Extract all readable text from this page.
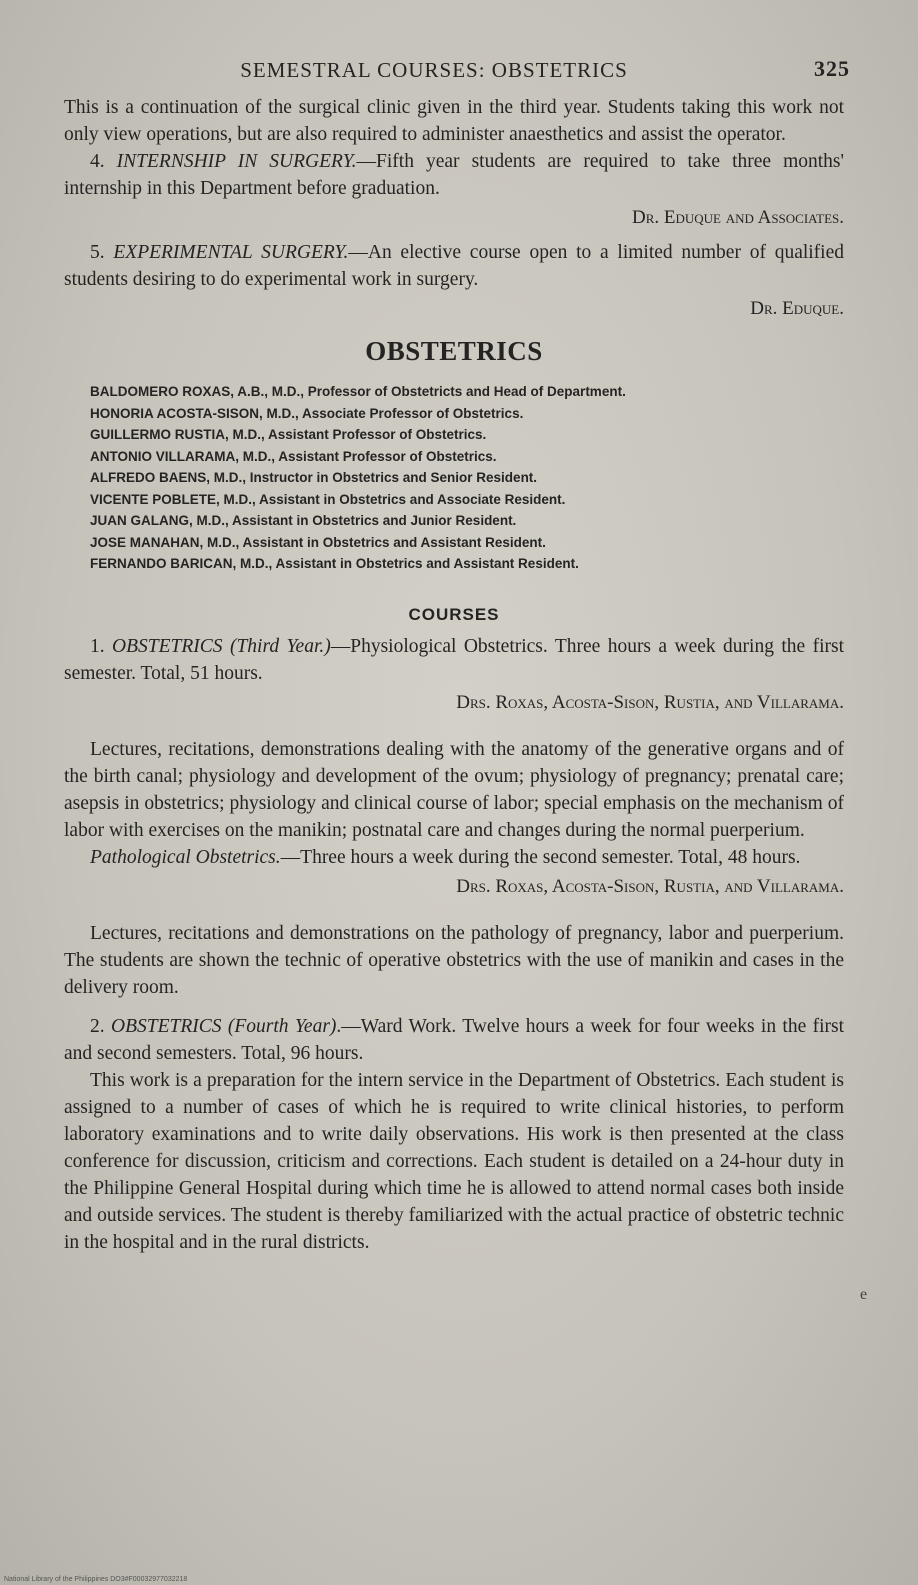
SEMESTRAL COURSES: OBSTETRICS	325

This is a continuation of the surgical clinic given in the third year. Students taking this work not only view operations, but are also required to administer anaesthetics and assist the operator.

4. INTERNSHIP IN SURGERY.—Fifth year students are required to take three months' internship in this Department before graduation.

Dr. Eduque and Associates.

5. EXPERIMENTAL SURGERY.—An elective course open to a limited number of qualified students desiring to do experimental work in surgery.

Dr. Eduque.
OBSTETRICS
BALDOMERO ROXAS, A.B., M.D., Professor of Obstetricts and Head of Department.
HONORIA ACOSTA-SISON, M.D., Associate Professor of Obstetrics.
GUILLERMO RUSTIA, M.D., Assistant Professor of Obstetrics.
ANTONIO VILLARAMA, M.D., Assistant Professor of Obstetrics.
ALFREDO BAENS, M.D., Instructor in Obstetrics and Senior Resident.
VICENTE POBLETE, M.D., Assistant in Obstetrics and Associate Resident.
JUAN GALANG, M.D., Assistant in Obstetrics and Junior Resident.
JOSE MANAHAN, M.D., Assistant in Obstetrics and Assistant Resident.
FERNANDO BARICAN, M.D., Assistant in Obstetrics and Assistant Resident.
COURSES

1. OBSTETRICS (Third Year.)—Physiological Obstetrics. Three hours a week during the first semester. Total, 51 hours.

Drs. Roxas, Acosta-Sison, Rustia, and Villarama.

Lectures, recitations, demonstrations dealing with the anatomy of the generative organs and of the birth canal; physiology and development of the ovum; physiology of pregnancy; prenatal care; asepsis in obstetrics; physiology and clinical course of labor; special emphasis on the mechanism of labor with exercises on the manikin; postnatal care and changes during the normal puerperium.

Pathological Obstetrics.—Three hours a week during the second semester. Total, 48 hours.

Drs. Roxas, Acosta-Sison, Rustia, and Villarama.

Lectures, recitations and demonstrations on the pathology of pregnancy, labor and puerperium. The students are shown the technic of operative obstetrics with the use of manikin and cases in the delivery room.

2. OBSTETRICS (Fourth Year).—Ward Work. Twelve hours a week for four weeks in the first and second semesters. Total, 96 hours.

This work is a preparation for the intern service in the Department of Obstetrics. Each student is assigned to a number of cases of which he is required to write clinical histories, to perform laboratory examinations and to write daily observations. His work is then presented at the class conference for discussion, criticism and corrections. Each student is detailed on a 24-hour duty in the Philippine General Hospital during which time he is allowed to attend normal cases both inside and outside services. The student is thereby familiarized with the actual practice of obstetric technic in the hospital and in the rural districts.

e
National Library of the Philippines DO3#F00032977032218
